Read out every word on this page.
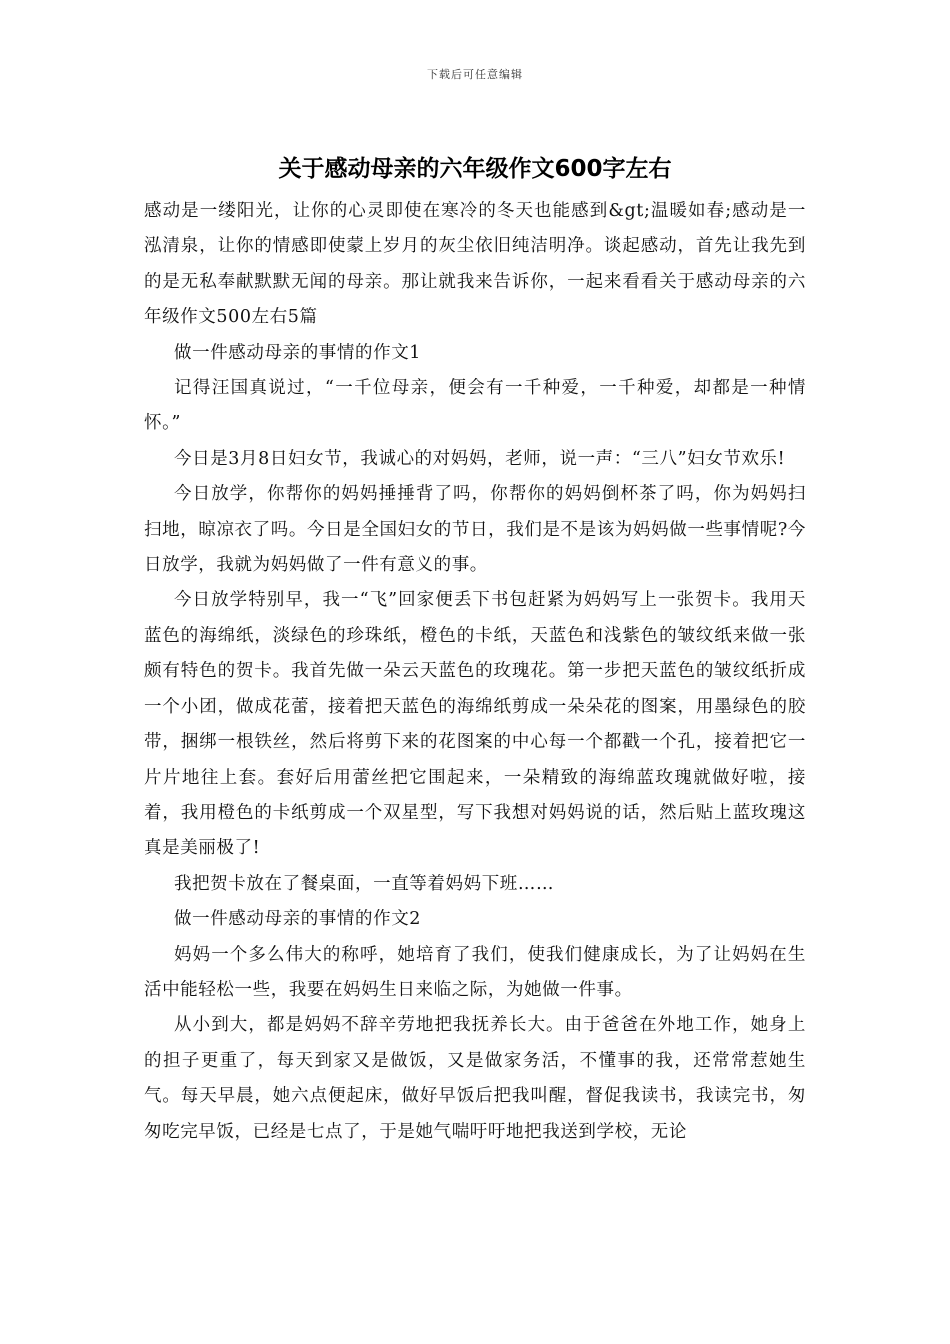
下载后可任意编辑
关于感动母亲的六年级作文600字左右

感动是一缕阳光，让你的心灵即使在寒冷的冬天也能感到&gt;温暖如春;感动是一泓清泉，让你的情感即使蒙上岁月的灰尘依旧纯洁明净。谈起感动，首先让我先到的是无私奉献默默无闻的母亲。那让就我来告诉你，一起来看看关于感动母亲的六年级作文500左右5篇

做一件感动母亲的事情的作文1

记得汪国真说过，“一千位母亲，便会有一千种爱，一千种爱，却都是一种情怀。”

今日是3月8日妇女节，我诚心的对妈妈，老师，说一声：“三八”妇女节欢乐!

今日放学，你帮你的妈妈捶捶背了吗，你帮你的妈妈倒杯茶了吗，你为妈妈扫扫地，晾凉衣了吗。今日是全国妇女的节日，我们是不是该为妈妈做一些事情呢?今日放学，我就为妈妈做了一件有意义的事。

今日放学特别早，我一“飞”回家便丢下书包赶紧为妈妈写上一张贺卡。我用天蓝色的海绵纸，淡绿色的珍珠纸，橙色的卡纸，天蓝色和浅紫色的皱纹纸来做一张颇有特色的贺卡。我首先做一朵云天蓝色的玫瑰花。第一步把天蓝色的皱纹纸折成一个小团，做成花蕾，接着把天蓝色的海绵纸剪成一朵朵花的图案，用墨绿色的胶带，捆绑一根铁丝，然后将剪下来的花图案的中心每一个都戳一个孔，接着把它一片片地往上套。套好后用蕾丝把它围起来，一朵精致的海绵蓝玫瑰就做好啦，接着，我用橙色的卡纸剪成一个双星型，写下我想对妈妈说的话，然后贴上蓝玫瑰这真是美丽极了!

我把贺卡放在了餐桌面，一直等着妈妈下班……

做一件感动母亲的事情的作文2

妈妈一个多么伟大的称呼，她培育了我们，使我们健康成长，为了让妈妈在生活中能轻松一些，我要在妈妈生日来临之际，为她做一件事。

从小到大，都是妈妈不辞辛劳地把我抚养长大。由于爸爸在外地工作，她身上的担子更重了，每天到家又是做饭，又是做家务活，不懂事的我，还常常惹她生气。每天早晨，她六点便起床，做好早饭后把我叫醒，督促我读书，我读完书，匆匆吃完早饭，已经是七点了，于是她气喘吁吁地把我送到学校，无论
